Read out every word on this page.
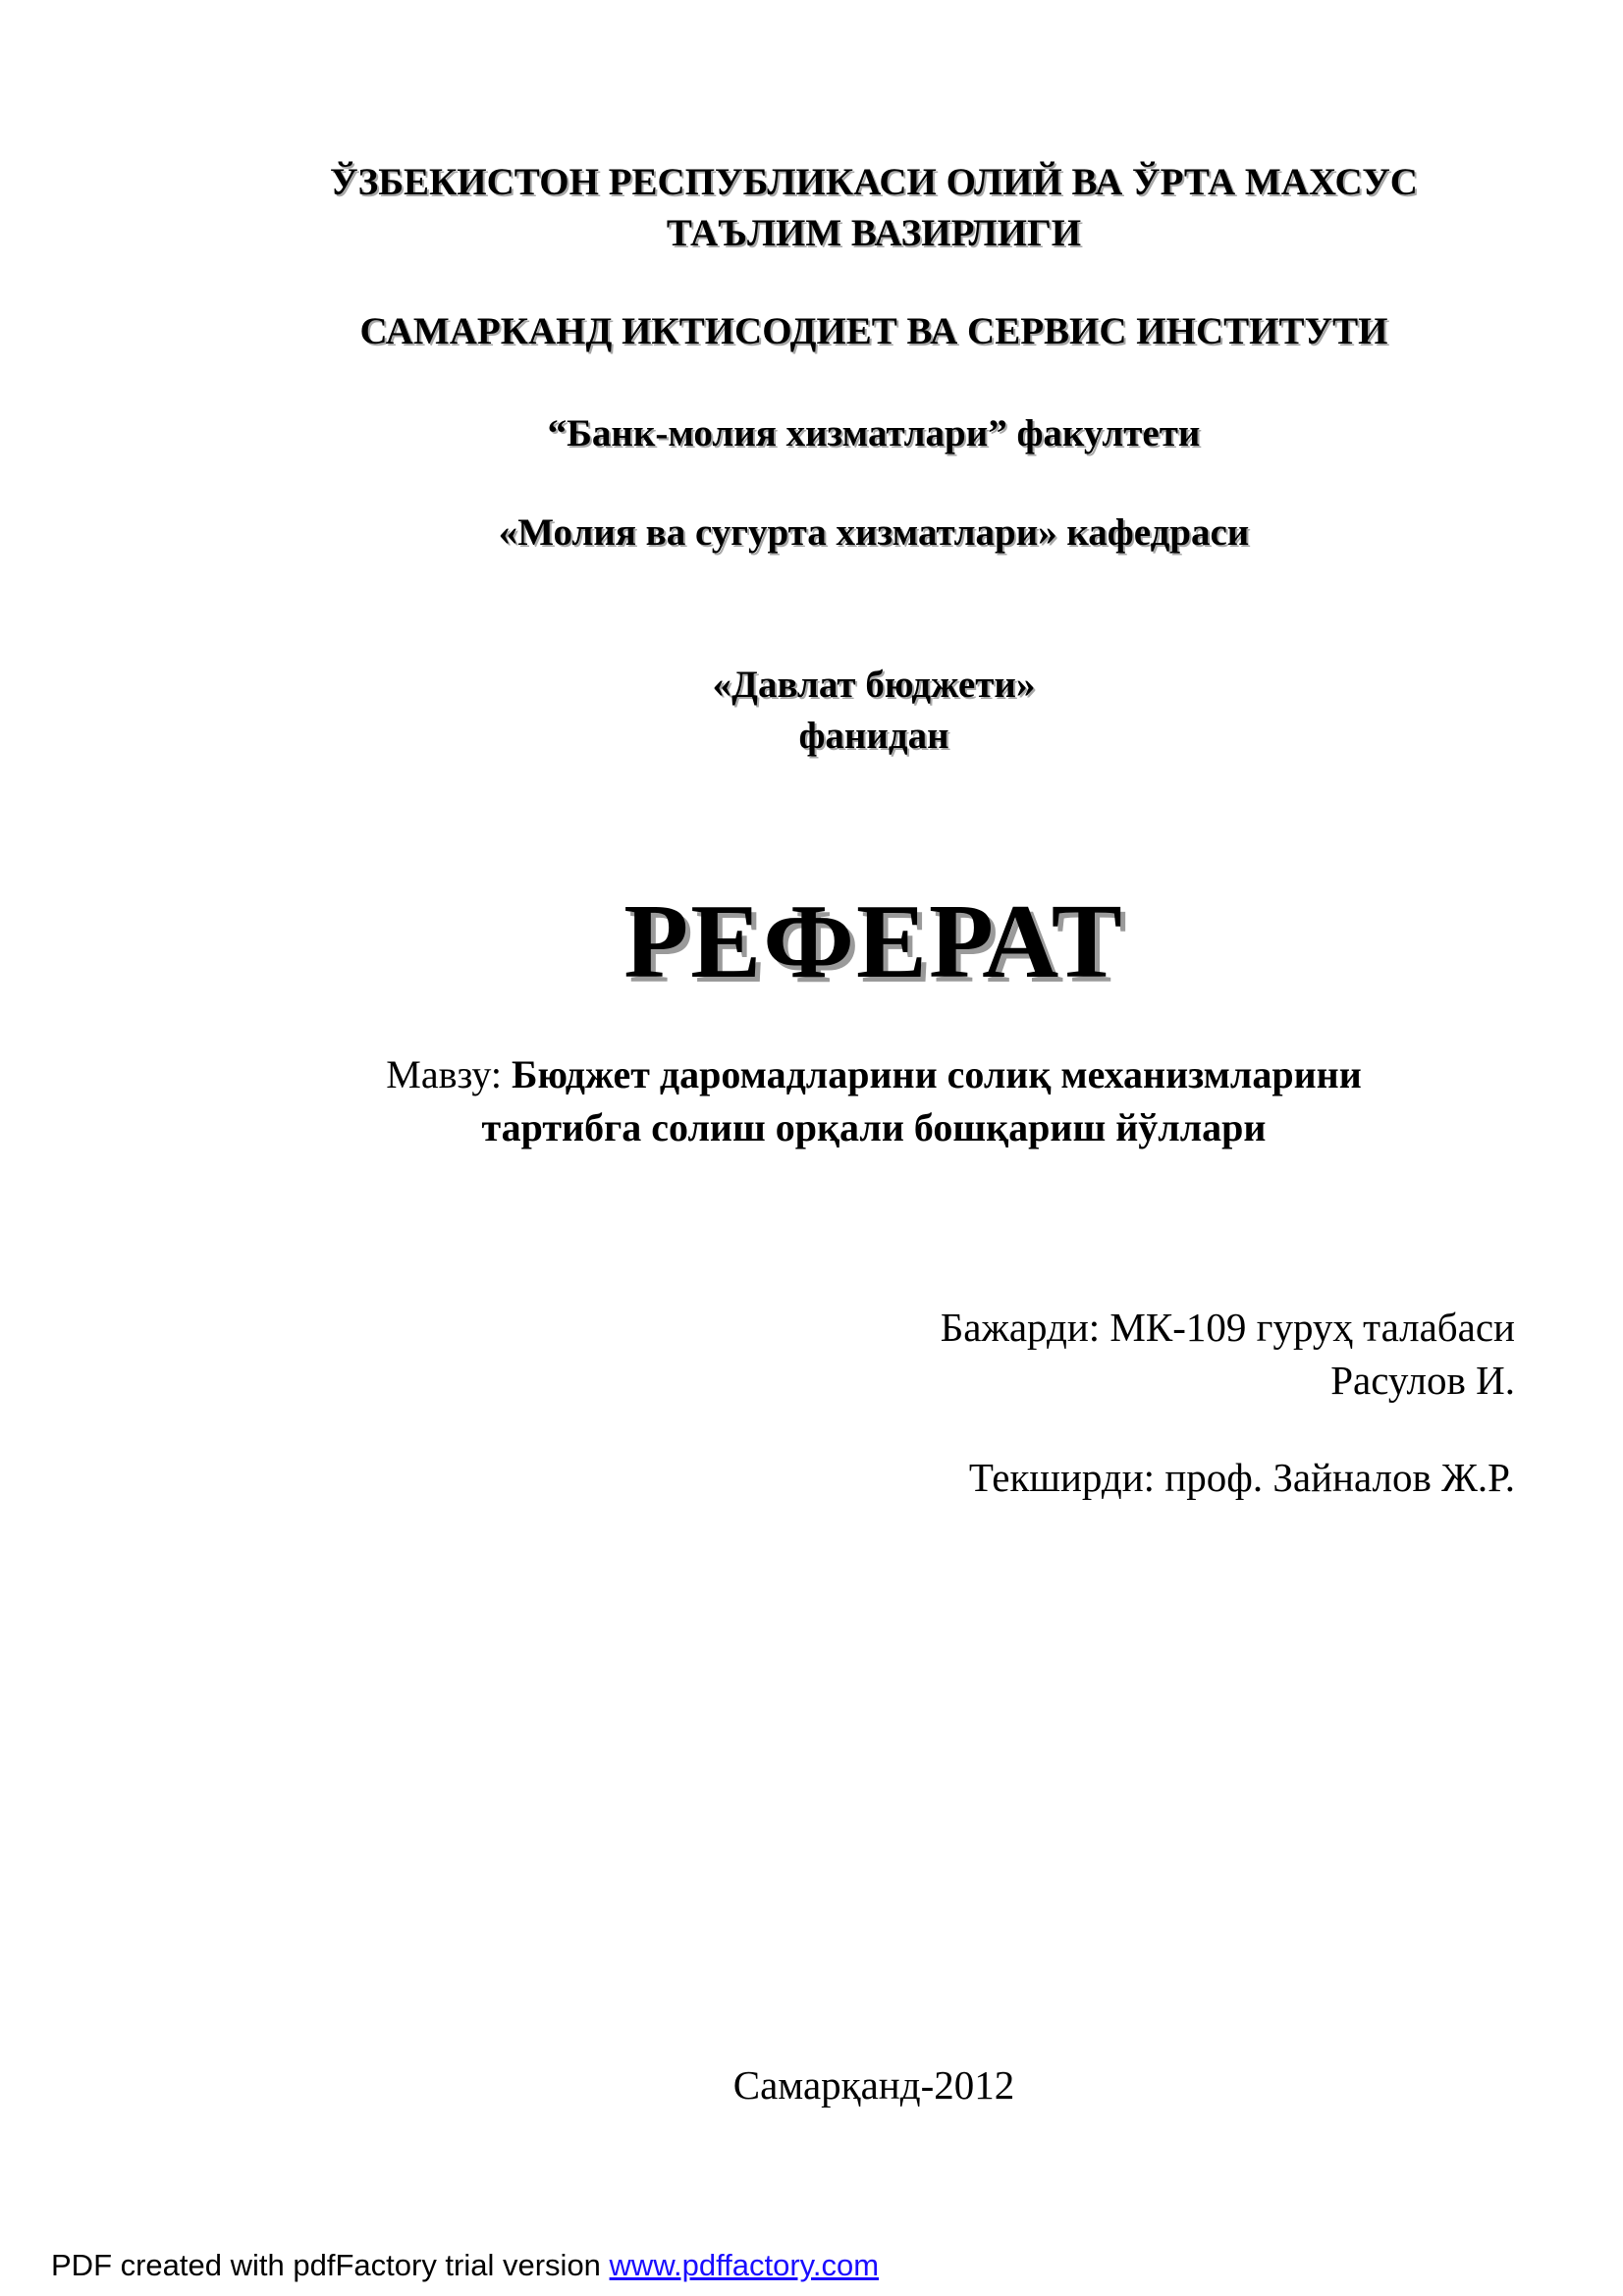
ЎЗБЕКИСТОН РЕСПУБЛИКАСИ ОЛИЙ ВА ЎРТА МАХСУС
ТАЪЛИМ ВАЗИРЛИГИ
САМАРКАНД ИКТИСОДИЕТ ВА СЕРВИС ИНСТИТУТИ
“Банк-молия хизматлари” факултети
«Молия ва сугурта хизматлари» кафедраси
«Давлат бюджети»
фанидан
РЕФЕРАТ
Мавзу: Бюджет даромадларини солиқ механизмларини
тартибга солиш орқали бошқариш йўллари
Бажарди: МК-109 гуруҳ талабаси
Расулов И.
Текширди: проф. Зайналов Ж.Р.
Самарқанд-2012
PDF created with pdfFactory trial version www.pdffactory.com
